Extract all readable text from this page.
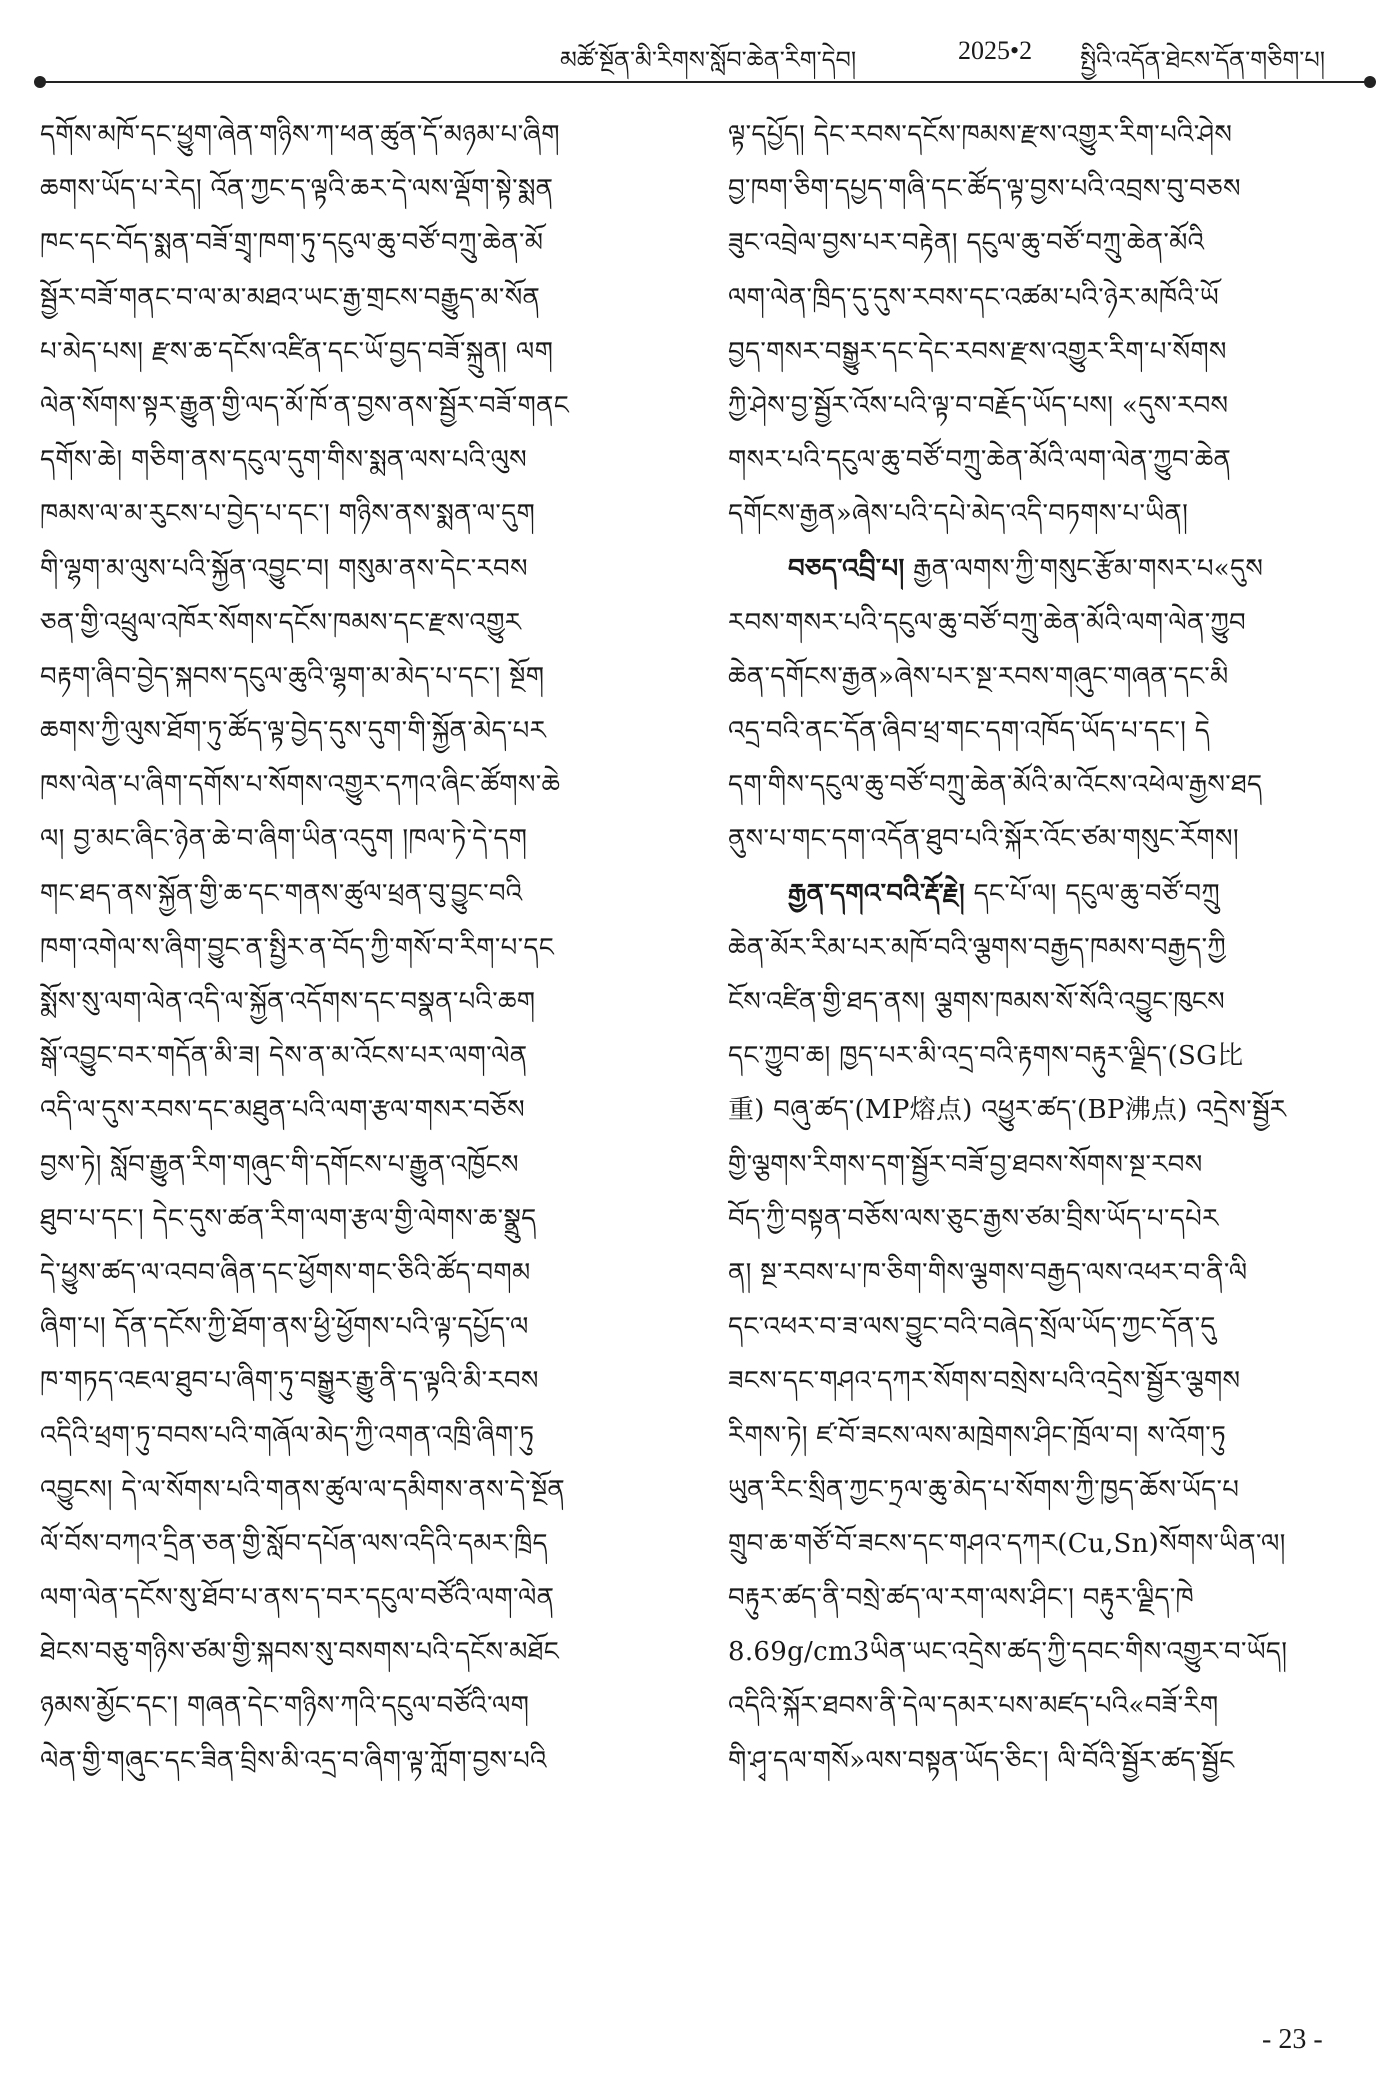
མཚོ་སྔོན་མི་རིགས་སློབ་ཆེན་རིག་དེབ།	2025•2 སྤྱིའི་འདོན་ཐེངས་དོན་གཅིག་པ།
དགོས་མཁོ་དང་ཕྱུག་ཞེན་གཉིས་ཀ་ཕན་ཚུན་དོ་མཉམ་པ་ཞིག
ཆགས་ཡོད་པ་རེད། འོན་ཀྱང་ད་ལྟའི་ཆར་དེ་ལས་ལྡོག་སྟེ་སྨན
ཁང་དང་བོད་སྨན་བཟོ་གྲྭ་ཁག་ཏུ་དངུལ་ཆུ་བཙོ་བཀྲུ་ཆེན་མོ
སྦྱོར་བཟོ་གནང་བ་ལ་མ་མཐའ་ཡང་རྒྱ་གྲངས་བརྒྱུད་མ་སོན
པ་མེད་པས། རྫས་ཆ་དངོས་འཛིན་དང་ཡོ་བྱད་བཟོ་སྐྲུན། ལག
ལེན་སོགས་སྟར་རྒྱུན་གྱི་ལད་མོ་ཁོ་ན་བྱས་ནས་སྦྱོར་བཟོ་གནང
དགོས་ཆེ། གཅིག་ནས་དངུལ་དུག་གིས་སྨན་ལས་པའི་ལུས
ཁམས་ལ་མ་རུངས་པ་བྱེད་པ་དང་། གཉིས་ནས་སྨན་ལ་དུག
གི་ལྷག་མ་ལུས་པའི་སྐྱོན་འབྱུང་བ། གསུམ་ནས་དེང་རབས
ཅན་གྱི་འཕྲུལ་འཁོར་སོགས་དངོས་ཁམས་དང་རྫས་འགྱུར
བརྟག་ཞིབ་བྱེད་སྐབས་དངུལ་ཆུའི་ལྷག་མ་མེད་པ་དང་། སྔོག
ཆགས་ཀྱི་ལུས་ཐོག་ཏུ་ཚོད་ལྟ་བྱེད་དུས་དུག་གི་སྐྱོན་མེད་པར
ཁས་ལེན་པ་ཞིག་དགོས་པ་སོགས་འགྱུར་དཀའ་ཞིང་ཚོགས་ཆེ
ལ། བྱ་མང་ཞིང་ཉེན་ཆེ་བ་ཞིག་ཡིན་འདུག །ཁལ་ཏེ་དེ་དག
གང་ཐད་ནས་སྐྱོན་གྱི་ཆ་དང་གནས་ཚུལ་ཕྲན་བུ་བྱུང་བའི
ཁག་འགེལ་ས་ཞིག་བྱུང་ན་སྤྱིར་ན་བོད་ཀྱི་གསོ་བ་རིག་པ་དང
སྨོས་སུ་ལག་ལེན་འདི་ལ་སྐྱོན་འདོགས་དང་བསྣན་པའི་ཆག
སྒོ་འབྱུང་བར་གདོན་མི་ཟ། དེས་ན་མ་འོངས་པར་ལག་ལེན
འདི་ལ་དུས་རབས་དང་མཐུན་པའི་ལག་རྩལ་གསར་བཅོས
བྱས་ཏེ། སློབ་རྒྱུན་རིག་གཞུང་གི་དགོངས་པ་རྒྱུན་འཁྱོངས
ཐུབ་པ་དང་། དེང་དུས་ཚན་རིག་ལག་རྩལ་གྱི་ལེགས་ཆ་སྣྲུད
དེ་ཕྱུས་ཚད་ལ་འབབ་ཞིན་དང་ཕྱོགས་གང་ཅིའི་ཚོད་བགམ
ཞིག་པ། དོན་དངོས་ཀྱི་ཐོག་ནས་ཕྱི་ཕྱོགས་པའི་ལྟ་དཔྱོད་ལ
ཁ་གཏད་འཇལ་ཐུབ་པ་ཞིག་ཏུ་བསྒྱུར་རྒྱུ་ནི་ད་ལྟའི་མི་རབས
འདིའི་ཕྲག་ཏུ་བབས་པའི་གཞོལ་མེད་ཀྱི་འགན་འཁྲི་ཞིག་ཏུ
འབྱུངས། དེ་ལ་སོགས་པའི་གནས་ཚུལ་ལ་དམིགས་ནས་དེ་སྔོན
ལོ་བོས་བཀའ་དྲིན་ཅན་གྱི་སློབ་དཔོན་ལས་འདིའི་དམར་ཁྲིད
ལག་ལེན་དངོས་སུ་ཐོབ་པ་ནས་ད་བར་དངུལ་བཙོའི་ལག་ལེན
ཐེངས་བཅུ་གཉིས་ཙམ་གྱི་སྐབས་སུ་བསགས་པའི་དངོས་མཐོང
ཉམས་མྱོང་དང་། གཞན་དེང་གཉིས་ཀའི་དངུལ་བཙོའི་ལག
ལེན་གྱི་གཞུང་དང་ཟིན་བྲིས་མི་འདྲ་བ་ཞིག་ལྟ་ཀློག་བྱས་པའི
ལྟ་དཔྱོད། དེང་རབས་དངོས་ཁམས་རྫས་འགྱུར་རིག་པའི་ཤེས
བྱ་ཁག་ཅིག་དཔྱད་གཞི་དང་ཚོད་ལྟ་བྱས་པའི་འབྲས་བུ་བཅས
ཟུང་འབྲེལ་བྱས་པར་བརྟེན། དངུལ་ཆུ་བཙོ་བཀྲུ་ཆེན་མོའི
ལག་ལེན་ཁྲིད་དུ་དུས་རབས་དང་འཚམ་པའི་ཉེར་མཁོའི་ཡོ
བྱད་གསར་བསྒྱུར་དང་དེང་རབས་རྫས་འགྱུར་རིག་པ་སོགས
ཀྱི་ཤེས་བྱ་སྦྱོར་འོས་པའི་ལྟ་བ་བརྗོད་ཡོད་པས། «དུས་རབས
གསར་པའི་དངུལ་ཆུ་བཙོ་བཀྲུ་ཆེན་མོའི་ལག་ལེན་ཀྱུབ་ཆེན
དགོངས་རྒྱན»ཞེས་པའི་དཔེ་མེད་འདི་བཏགས་པ་ཡིན།
བཅད་འབྲི་པ། རྒྱན་ལགས་ཀྱི་གསུང་རྩོམ་གསར་པ«དུས
རབས་གསར་པའི་དངུལ་ཆུ་བཙོ་བཀྲུ་ཆེན་མོའི་ལག་ལེན་ཀྱུབ
ཆེན་དགོངས་རྒྱན»ཞེས་པར་སྔ་རབས་གཞུང་གཞན་དང་མི
འདྲ་བའི་ནང་དོན་ཞིབ་ཕྲ་གང་དག་འཁོད་ཡོད་པ་དང་། དེ
དག་གིས་དངུལ་ཆུ་བཙོ་བཀྲུ་ཆེན་མོའི་མ་འོངས་འཕེལ་རྒྱས་ཐད
ནུས་པ་གང་དག་འདོན་ཐུབ་པའི་སྐོར་འོང་ཙམ་གསུང་རོགས།
རྒྱན་དགའ་བའི་རྡོ་རྗེ། དང་པོ་ལ། དངུལ་ཆུ་བཙོ་བཀྲུ
ཆེན་མོར་རིམ་པར་མཁོ་བའི་ལྕགས་བརྒྱད་ཁམས་བརྒྱད་ཀྱི
ངོས་འཛིན་གྱི་ཐད་ནས། ལྕགས་ཁམས་སོ་སོའི་འབྱུང་ཁུངས
དང་ཀྱུབ་ཆ། ཁྱད་པར་མི་འདྲ་བའི་རྟགས་བརྟུར་ལྗིད་(SG比
重) བཞུ་ཚད་(MP熔点) འཕྱུར་ཚད་(BP沸点) འདྲེས་སྦྱོར
གྱི་ལྕགས་རིགས་དག་སྦྱོར་བཟོ་བྱ་ཐབས་སོགས་སྔ་རབས
བོད་ཀྱི་བསྟན་བཅོས་ལས་ཅུང་རྒྱས་ཙམ་བྲིས་ཡོད་པ་དཔེར
ན། སྔ་རབས་པ་ཁ་ཅིག་གིས་ལྕགས་བརྒྱད་ལས་འཕར་བ་ནི་ལི
དང་འཕར་བ་ཟ་ལས་བྱུང་བའི་བཞེད་སྲོལ་ཡོད་ཀྱང་དོན་དུ
ཟངས་དང་གཤའ་དཀར་སོགས་བསྲེས་པའི་འདྲེས་སྦྱོར་ལྕགས
རིགས་ཏེ། ཛ་བོ་ཟངས་ལས་མཁྲེགས་ཤིང་ཁྲོལ་བ། ས་འོག་ཏུ
ཡུན་རིང་སྲིན་ཀྱང་ཏྲལ་ཆུ་མེད་པ་སོགས་ཀྱི་ཁྱད་ཆོས་ཡོད་པ
གྲུབ་ཆ་གཙོ་བོ་ཟངས་དང་གཤའ་དཀར(Cu,Sn)སོགས་ཡིན་ལ།
བརྟུར་ཚད་ནི་བསྲེ་ཚད་ལ་རག་ལས་ཤིང་། བརྟུར་ལྗིད་ཁེ
8.69g/cm3ཡིན་ཡང་འདྲེས་ཚད་ཀྱི་དབང་གིས་འགྱུར་བ་ཡོད།
འདིའི་སྐོར་ཐབས་ནི་དེལ་དམར་པས་མཛད་པའི«བཟོ་རིག
གི་ཤྭ་དལ་གསོ»ལས་བསྟན་ཡོད་ཅིང་། ལི་བོའི་སྦྱོར་ཚད་སྦྱོང
- 23 -
